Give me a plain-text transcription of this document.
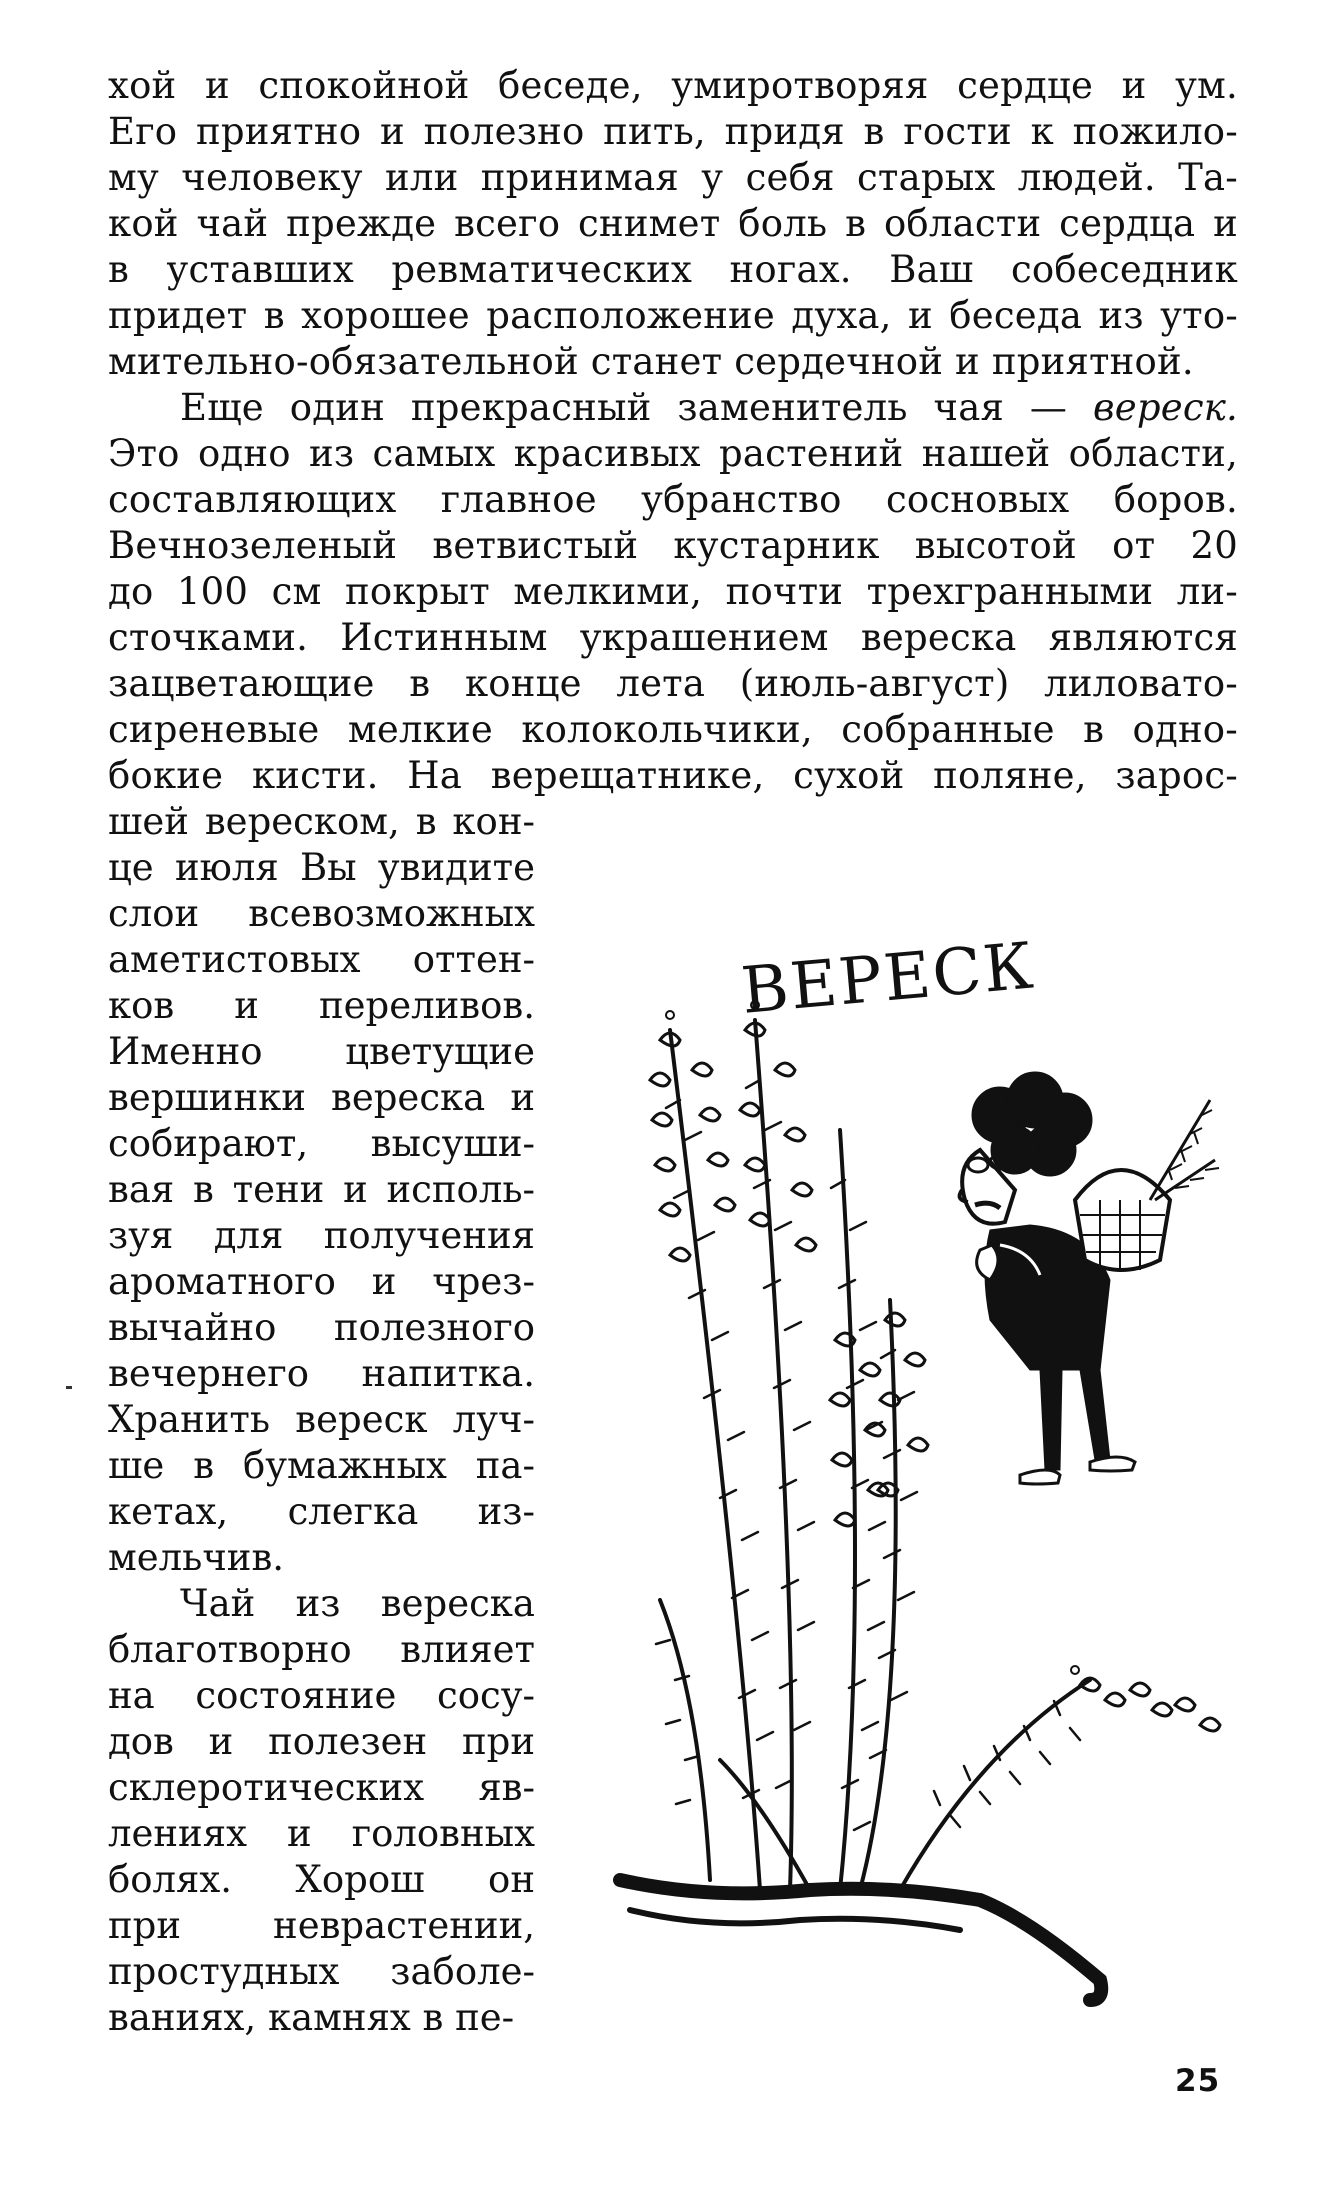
хой и спокойной беседе, умиротворяя сердце и ум.
Его приятно и полезно пить, придя в гости к пожило-
му человеку или принимая у себя старых людей. Та-
кой чай прежде всего снимет боль в области сердца и
в уставших ревматических ногах. Ваш собеседник
придет в хорошее расположение духа, и беседа из уто-
мительно-обязательной станет сердечной и приятной.
Еще один прекрасный заменитель чая — вереск.
Это одно из самых красивых растений нашей области,
составляющих главное убранство сосновых боров.
Вечнозеленый ветвистый кустарник высотой от 20
до 100 см покрыт мелкими, почти трехгранными ли-
сточками. Истинным украшением вереска являются
зацветающие в конце лета (июль-август) лиловато-
сиреневые мелкие колокольчики, собранные в одно-
бокие кисти. На верещатнике, сухой поляне, зарос-
шей вереском, в кон-
це июля Вы увидите
слои всевозможных
аметистовых оттен-
ков и переливов.
Именно цветущие
вершинки вереска и
собирают, высуши-
вая в тени и исполь-
зуя для получения
ароматного и чрез-
вычайно полезного
вечернего напитка.
Хранить вереск луч-
ше в бумажных па-
кетах, слегка из-
мельчив.
Чай из вереска
благотворно влияет
на состояние сосу-
дов и полезен при
склеротических яв-
лениях и головных
болях. Хорош он
при неврастении,
простудных заболе-
ваниях, камнях в пе-
ВЕРЕСК
25
